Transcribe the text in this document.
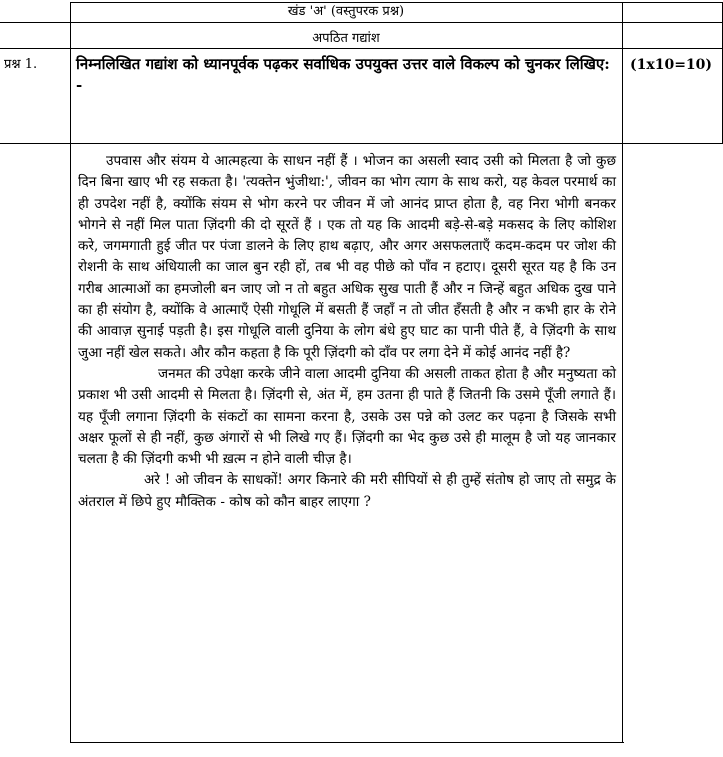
खंड 'अ' (वस्तुपरक प्रश्न)
अपठित गद्यांश
प्रश्न 1.	निम्नलिखित गद्यांश को ध्यानपूर्वक पढ़कर सर्वाधिक उपयुक्त उत्तर वाले विकल्प को चुनकर लिखिए: -
(1x10=10)

उपवास और संयम ये आत्महत्या के साधन नहीं हैं । भोजन का असली स्वाद उसी को मिलता है जो कुछ दिन बिना खाए भी रह सकता है। 'त्यक्तेन भुंजीथा:', जीवन का भोग त्याग के साथ करो, यह केवल परमार्थ का ही उपदेश नहीं है, क्योंकि संयम से भोग करने पर जीवन में जो आनंद प्राप्त होता है, वह निरा भोगी बनकर भोगने से नहीं मिल पाता ज़िंदगी की दो सूरतें हैं । एक तो यह कि आदमी बड़े-से-बड़े मकसद के लिए कोशिश करे, जगमगाती हुई जीत पर पंजा डालने के लिए हाथ बढ़ाए, और अगर असफलताएँ कदम-कदम पर जोश की रोशनी के साथ अंधियाली का जाल बुन रही हों, तब भी वह पीछे को पाँव न हटाए। दूसरी सूरत यह है कि उन गरीब आत्माओं का हमजोली बन जाए जो न तो बहुत अधिक सुख पाती हैं और न जिन्हें बहुत अधिक दुख पाने का ही संयोग है, क्योंकि वे आत्माएँ ऐसी गोधूलि में बसती हैं जहाँ न तो जीत हँसती है और न कभी हार के रोने की आवाज़ सुनाई पड़ती है। इस गोधूलि वाली दुनिया के लोग बंधे हुए घाट का पानी पीते हैं, वे ज़िंदगी के साथ जुआ नहीं खेल सकते। और कौन कहता है कि पूरी ज़िंदगी को दाँव पर लगा देने में कोई आनंद नहीं है?

जनमत की उपेक्षा करके जीने वाला आदमी दुनिया की असली ताकत होता है और मनुष्यता को प्रकाश भी उसी आदमी से मिलता है। ज़िंदगी से, अंत में, हम उतना ही पाते हैं जितनी कि उसमे पूँजी लगाते हैं। यह पूँजी लगाना ज़िंदगी के संकटों का सामना करना है, उसके उस पन्ने को उलट कर पढ़ना है जिसके सभी अक्षर फूलों से ही नहीं, कुछ अंगारों से भी लिखे गए हैं। ज़िंदगी का भेद कुछ उसे ही मालूम है जो यह जानकार चलता है की ज़िंदगी कभी भी ख़त्म न होने वाली चीज़ है।

अरे ! ओ जीवन के साधकों! अगर किनारे की मरी सीपियों से ही तुम्हें संतोष हो जाए तो समुद्र के अंतराल में छिपे हुए मौक्तिक - कोष को कौन बाहर लाएगा ?
